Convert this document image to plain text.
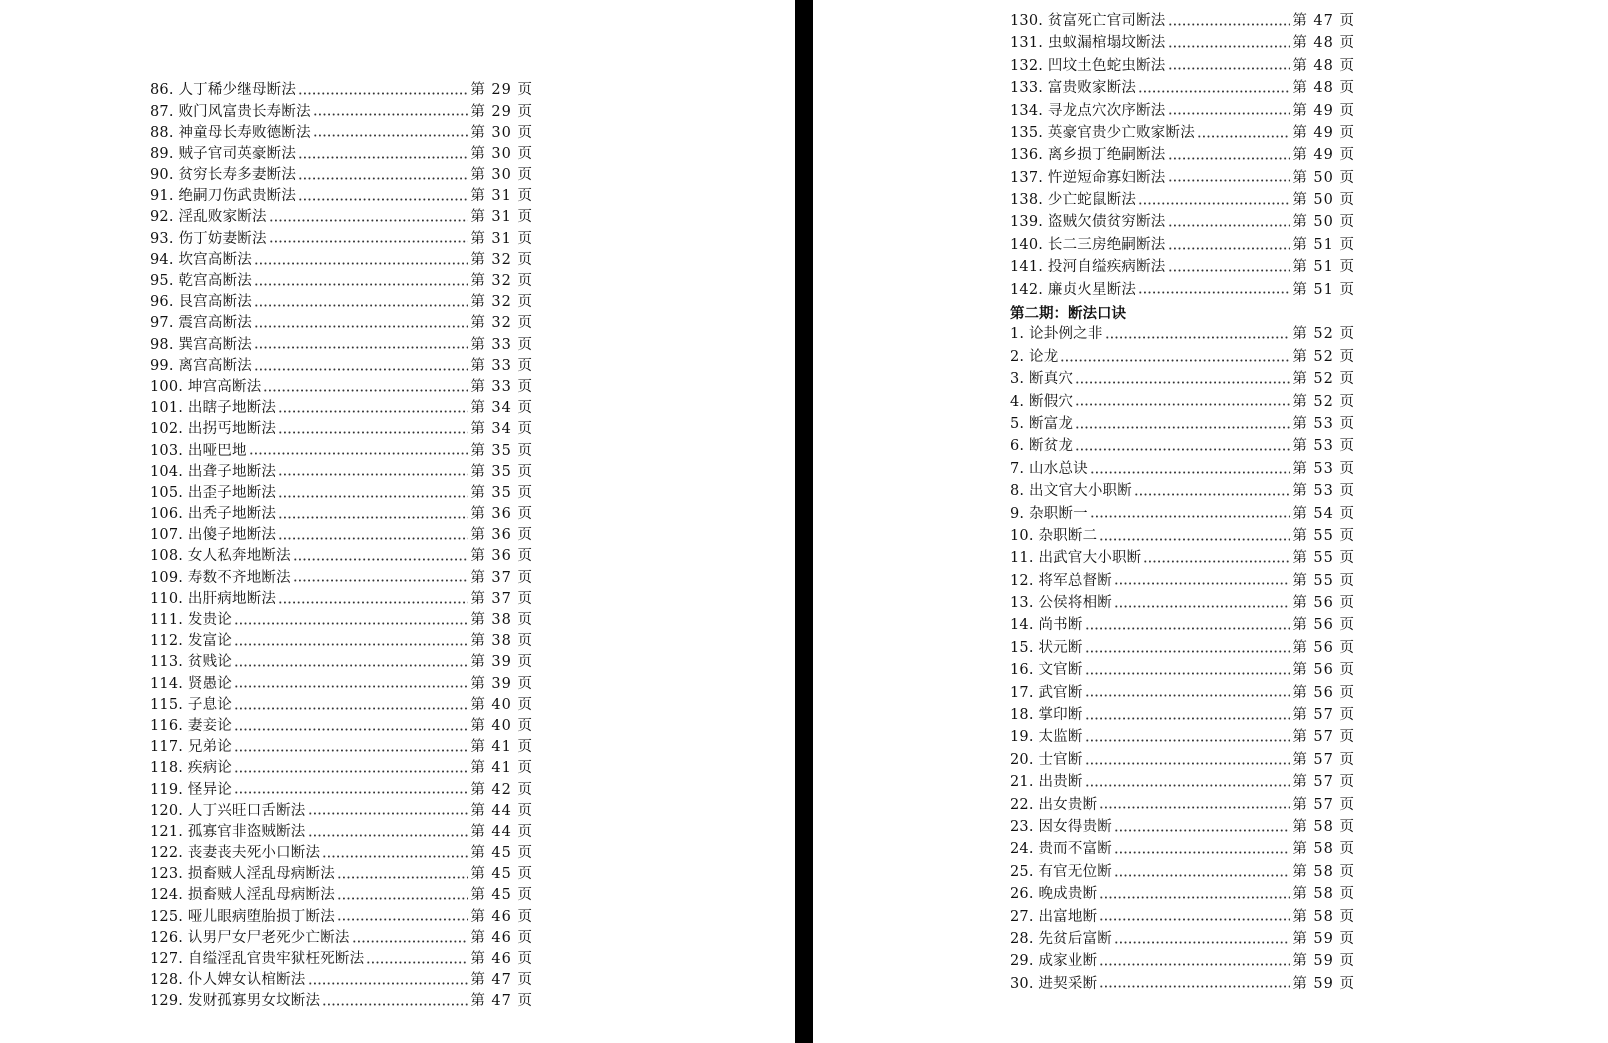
86. 人丁稀少继母断法	第 29 页
87. 败门风富贵长寿断法	第 29 页
88. 神童母长寿败德断法	第 30 页
89. 贼子官司英豪断法	第 30 页
90. 贫穷长寿多妻断法	第 30 页
91. 绝嗣刀伤武贵断法	第 31 页
92. 淫乱败家断法	第 31 页
93. 伤丁妨妻断法	第 31 页
94. 坎宫高断法	第 32 页
95. 乾宫高断法	第 32 页
96. 艮宫高断法	第 32 页
97. 震宫高断法	第 32 页
98. 巽宫高断法	第 33 页
99. 离宫高断法	第 33 页
100. 坤宫高断法	第 33 页
101. 出瞎子地断法	第 34 页
102. 出拐丐地断法	第 34 页
103. 出哑巴地	第 35 页
104. 出聋子地断法	第 35 页
105. 出歪子地断法	第 35 页
106. 出秃子地断法	第 36 页
107. 出傻子地断法	第 36 页
108. 女人私奔地断法	第 36 页
109. 寿数不齐地断法	第 37 页
110. 出肝病地断法	第 37 页
111. 发贵论	第 38 页
112. 发富论	第 38 页
113. 贫贱论	第 39 页
114. 贤愚论	第 39 页
115. 子息论	第 40 页
116. 妻妾论	第 40 页
117. 兄弟论	第 41 页
118. 疾病论	第 41 页
119. 怪异论	第 42 页
120. 人丁兴旺口舌断法	第 44 页
121. 孤寡官非盗贼断法	第 44 页
122. 丧妻丧夫死小口断法	第 45 页
123. 损畜贼人淫乱母病断法	第 45 页
124. 损畜贼人淫乱母病断法	第 45 页
125. 哑儿眼病堕胎损丁断法	第 46 页
126. 认男尸女尸老死少亡断法	第 46 页
127. 自缢淫乱官贵牢狱枉死断法	第 46 页
128. 仆人婢女认棺断法	第 47 页
129. 发财孤寡男女坟断法	第 47 页
130. 贫富死亡官司断法	第 47 页
131. 虫蚁漏棺塌坟断法	第 48 页
132. 凹坟土色蛇虫断法	第 48 页
133. 富贵败家断法	第 48 页
134. 寻龙点穴次序断法	第 49 页
135. 英豪官贵少亡败家断法	第 49 页
136. 离乡损丁绝嗣断法	第 49 页
137. 忤逆短命寡妇断法	第 50 页
138. 少亡蛇鼠断法	第 50 页
139. 盗贼欠债贫穷断法	第 50 页
140. 长二三房绝嗣断法	第 51 页
141. 投河自缢疾病断法	第 51 页
142. 廉贞火星断法	第 51 页
第二期：断法口诀
1. 论卦例之非	第 52 页
2. 论龙	第 52 页
3. 断真穴	第 52 页
4. 断假穴	第 52 页
5. 断富龙	第 53 页
6. 断贫龙	第 53 页
7. 山水总诀	第 53 页
8. 出文官大小职断	第 53 页
9. 杂职断一	第 54 页
10. 杂职断二	第 55 页
11. 出武官大小职断	第 55 页
12. 将军总督断	第 55 页
13. 公侯将相断	第 56 页
14. 尚书断	第 56 页
15. 状元断	第 56 页
16. 文官断	第 56 页
17. 武官断	第 56 页
18. 掌印断	第 57 页
19. 太监断	第 57 页
20. 士官断	第 57 页
21. 出贵断	第 57 页
22. 出女贵断	第 57 页
23. 因女得贵断	第 58 页
24. 贵而不富断	第 58 页
25. 有官无位断	第 58 页
26. 晚成贵断	第 58 页
27. 出富地断	第 58 页
28. 先贫后富断	第 59 页
29. 成家业断	第 59 页
30. 进契采断	第 59 页
